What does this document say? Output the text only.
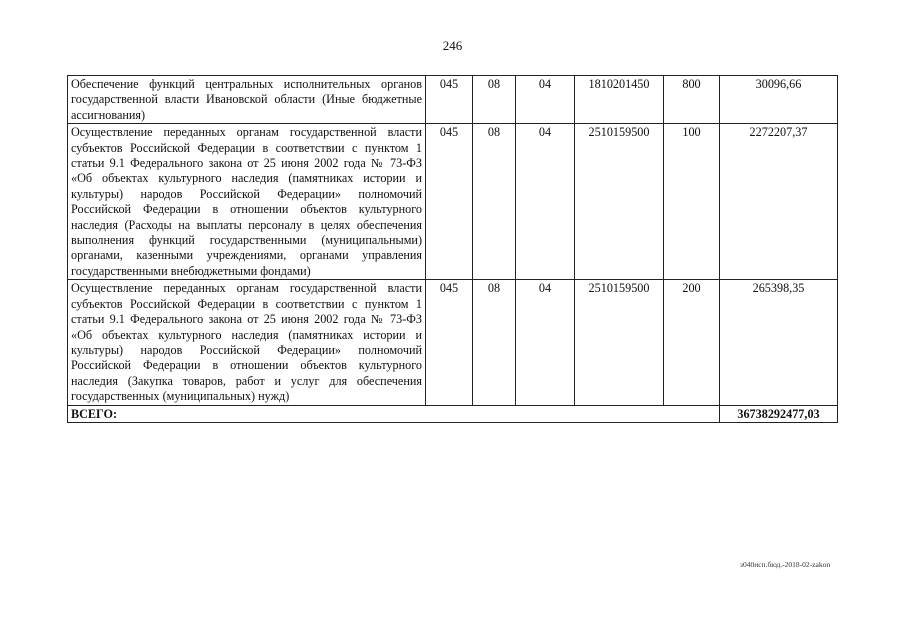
246
Обеспечение функций центральных исполнительных органов государственной власти Ивановской области (Иные бюджетные ассигнования)	045	08	04	1810201450	800	30096,66
Осуществление переданных органам государственной власти субъектов Российской Федерации в соответствии с пунктом 1 статьи 9.1 Федерального закона от 25 июня 2002 года № 73-ФЗ «Об объектах культурного наследия (памятниках истории и культуры) народов Российской Федерации» полномочий Российской Федерации в отношении объектов культурного наследия (Расходы на выплаты персоналу в целях обеспечения выполнения функций государственными (муниципальными) органами, казенными учреждениями, органами управления государственными внебюджетными фондами)	045	08	04	2510159500	100	2272207,37
Осуществление переданных органам государственной власти субъектов Российской Федерации в соответствии с пунктом 1 статьи 9.1 Федерального закона от 25 июня 2002 года № 73-ФЗ «Об объектах культурного наследия (памятниках истории и культуры) народов Российской Федерации» полномочий Российской Федерации в отношении объектов культурного наследия (Закупка товаров, работ и услуг для обеспечения государственных (муниципальных) нужд)	045	08	04	2510159500	200	265398,35
ВСЕГО:						36738292477,03
з040исп.бюд.-2018-02-zakon
